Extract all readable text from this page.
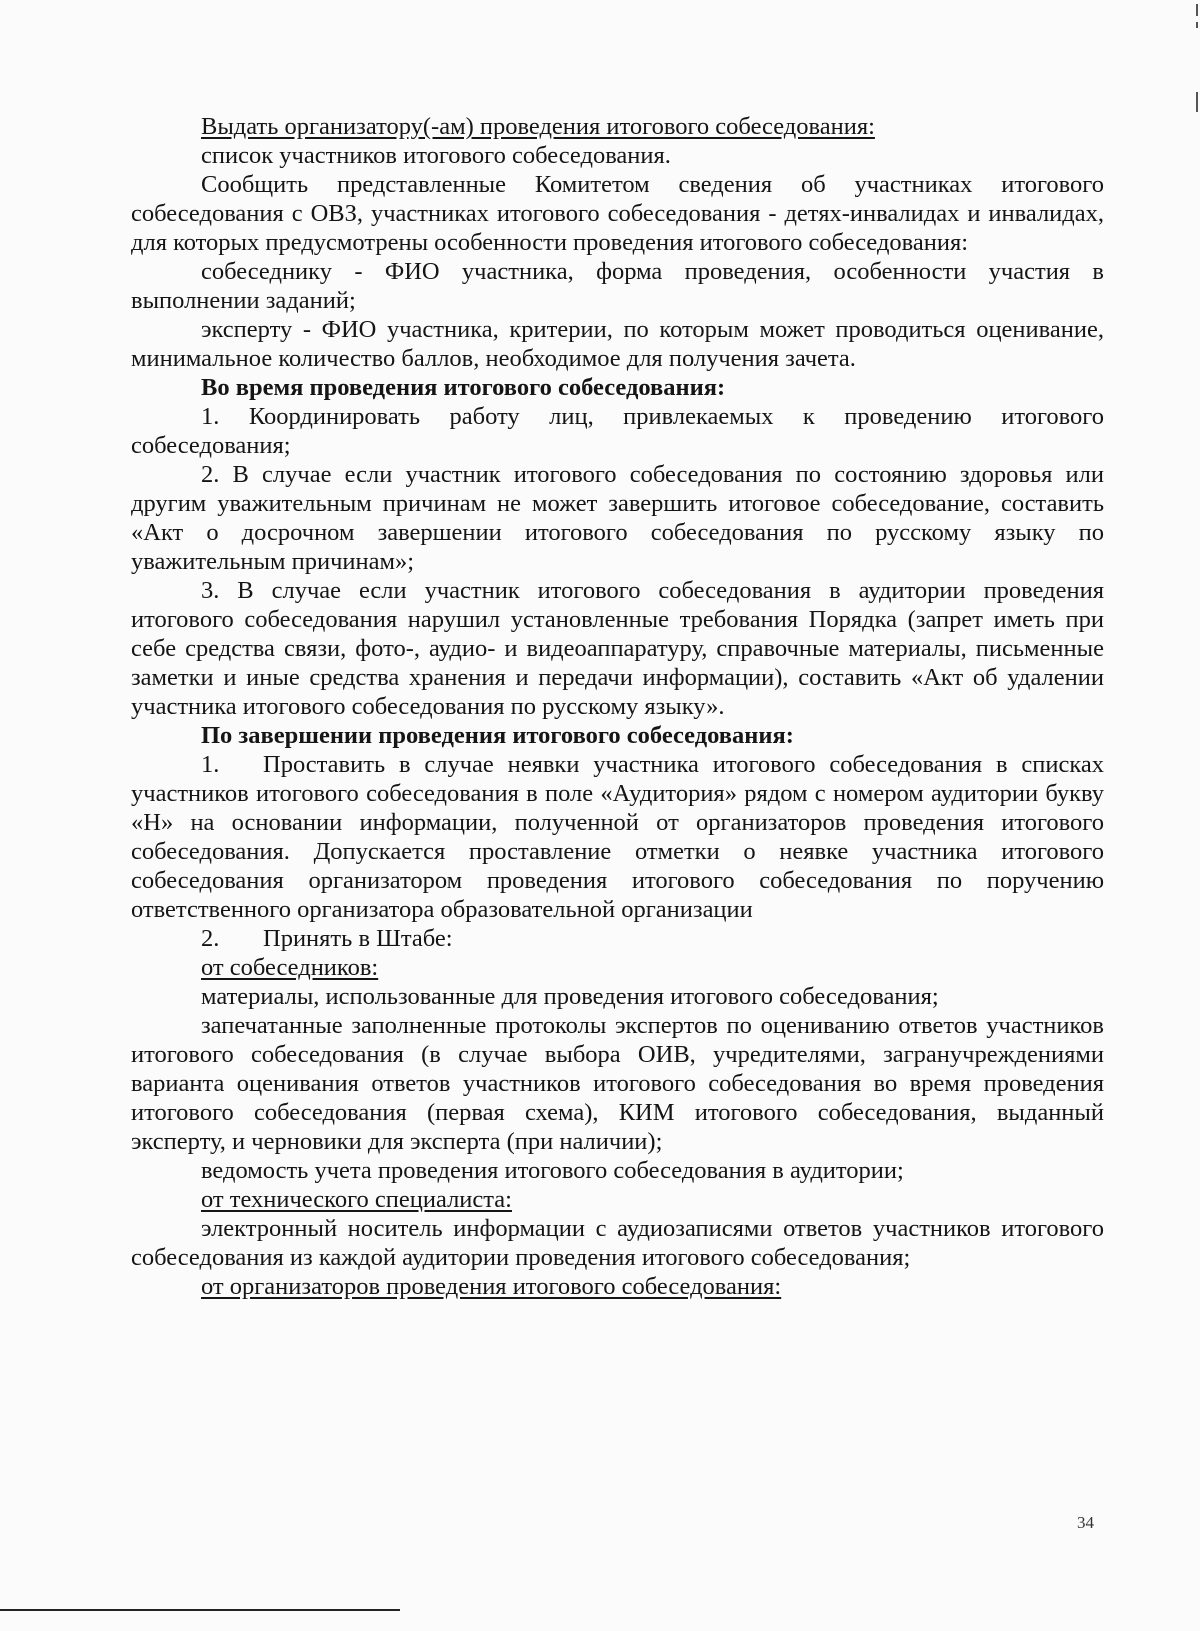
Выдать организатору(-ам) проведения итогового собеседования:

список участников итогового собеседования.

Сообщить представленные Комитетом сведения об участниках итогового собеседования с ОВЗ, участниках итогового собеседования - детях-инвалидах и инвалидах, для которых предусмотрены особенности проведения итогового собеседования:

собеседнику - ФИО участника, форма проведения, особенности участия в выполнении заданий;

эксперту - ФИО участника, критерии, по которым может проводиться оценивание, минимальное количество баллов, необходимое для получения зачета.

Во время проведения итогового собеседования:

1. Координировать работу лиц, привлекаемых к проведению итогового собеседования;

2. В случае если участник итогового собеседования по состоянию здоровья или другим уважительным причинам не может завершить итоговое собеседование, составить «Акт о досрочном завершении итогового собеседования по русскому языку по уважительным причинам»;

3. В случае если участник итогового собеседования в аудитории проведения итогового собеседования нарушил установленные требования Порядка (запрет иметь при себе средства связи, фото-, аудио- и видеоаппаратуру, справочные материалы, письменные заметки и иные средства хранения и передачи информации), составить «Акт об удалении участника итогового собеседования по русскому языку».

По завершении проведения итогового собеседования:

1. Проставить в случае неявки участника итогового собеседования в списках участников итогового собеседования в поле «Аудитория» рядом с номером аудитории букву «Н» на основании информации, полученной от организаторов проведения итогового собеседования. Допускается проставление отметки о неявке участника итогового собеседования организатором проведения итогового собеседования по поручению ответственного организатора образовательной организации

2. Принять в Штабе:

от собеседников:

материалы, использованные для проведения итогового собеседования;

запечатанные заполненные протоколы экспертов по оцениванию ответов участников итогового собеседования (в случае выбора ОИВ, учредителями, загранучреждениями варианта оценивания ответов участников итогового собеседования во время проведения итогового собеседования (первая схема), КИМ итогового собеседования, выданный эксперту, и черновики для эксперта (при наличии);

ведомость учета проведения итогового собеседования в аудитории;

от технического специалиста:

электронный носитель информации с аудиозаписями ответов участников итогового собеседования из каждой аудитории проведения итогового собеседования;

от организаторов проведения итогового собеседования:

34
